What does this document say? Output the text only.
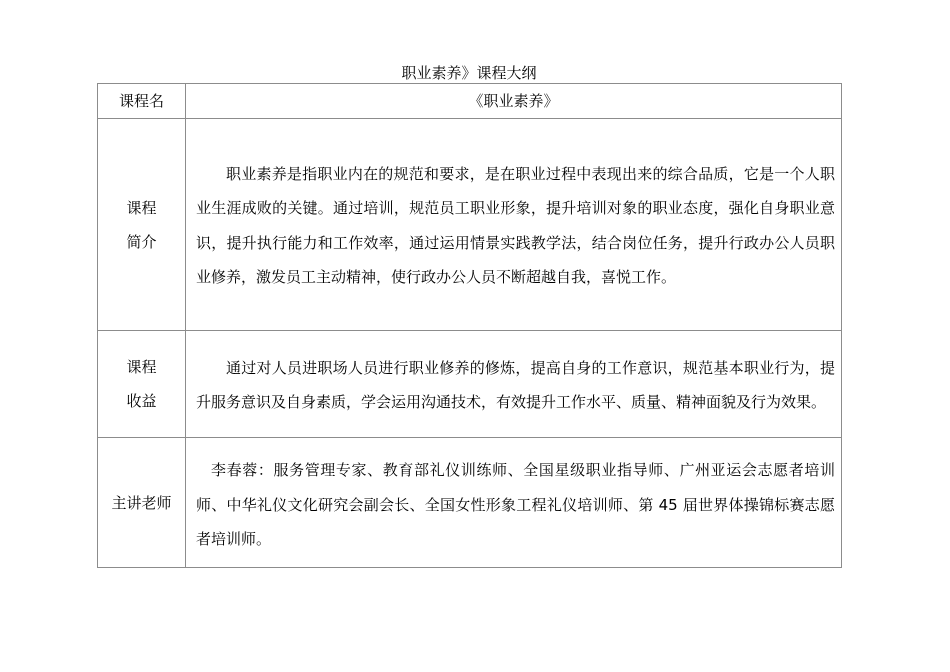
职业素养》课程大纲
课程名	《职业素养》

课程
简介	职业素养是指职业内在的规范和要求，是在职业过程中表现出来的综合品质，它是一个人职业生涯成败的关键。通过培训，规范员工职业形象，提升培训对象的职业态度，强化自身职业意识，提升执行能力和工作效率，通过运用情景实践教学法，结合岗位任务，提升行政办公人员职业修养，激发员工主动精神，使行政办公人员不断超越自我，喜悦工作。

课程
收益	通过对人员进职场人员进行职业修养的修炼，提高自身的工作意识，规范基本职业行为，提升服务意识及自身素质，学会运用沟通技术，有效提升工作水平、质量、精神面貌及行为效果。
主讲老师	李春蓉：服务管理专家、教育部礼仪训练师、全国星级职业指导师、广州亚运会志愿者培训师、中华礼仪文化研究会副会长、全国女性形象工程礼仪培训师、第 45 届世界体操锦标赛志愿者培训师。
